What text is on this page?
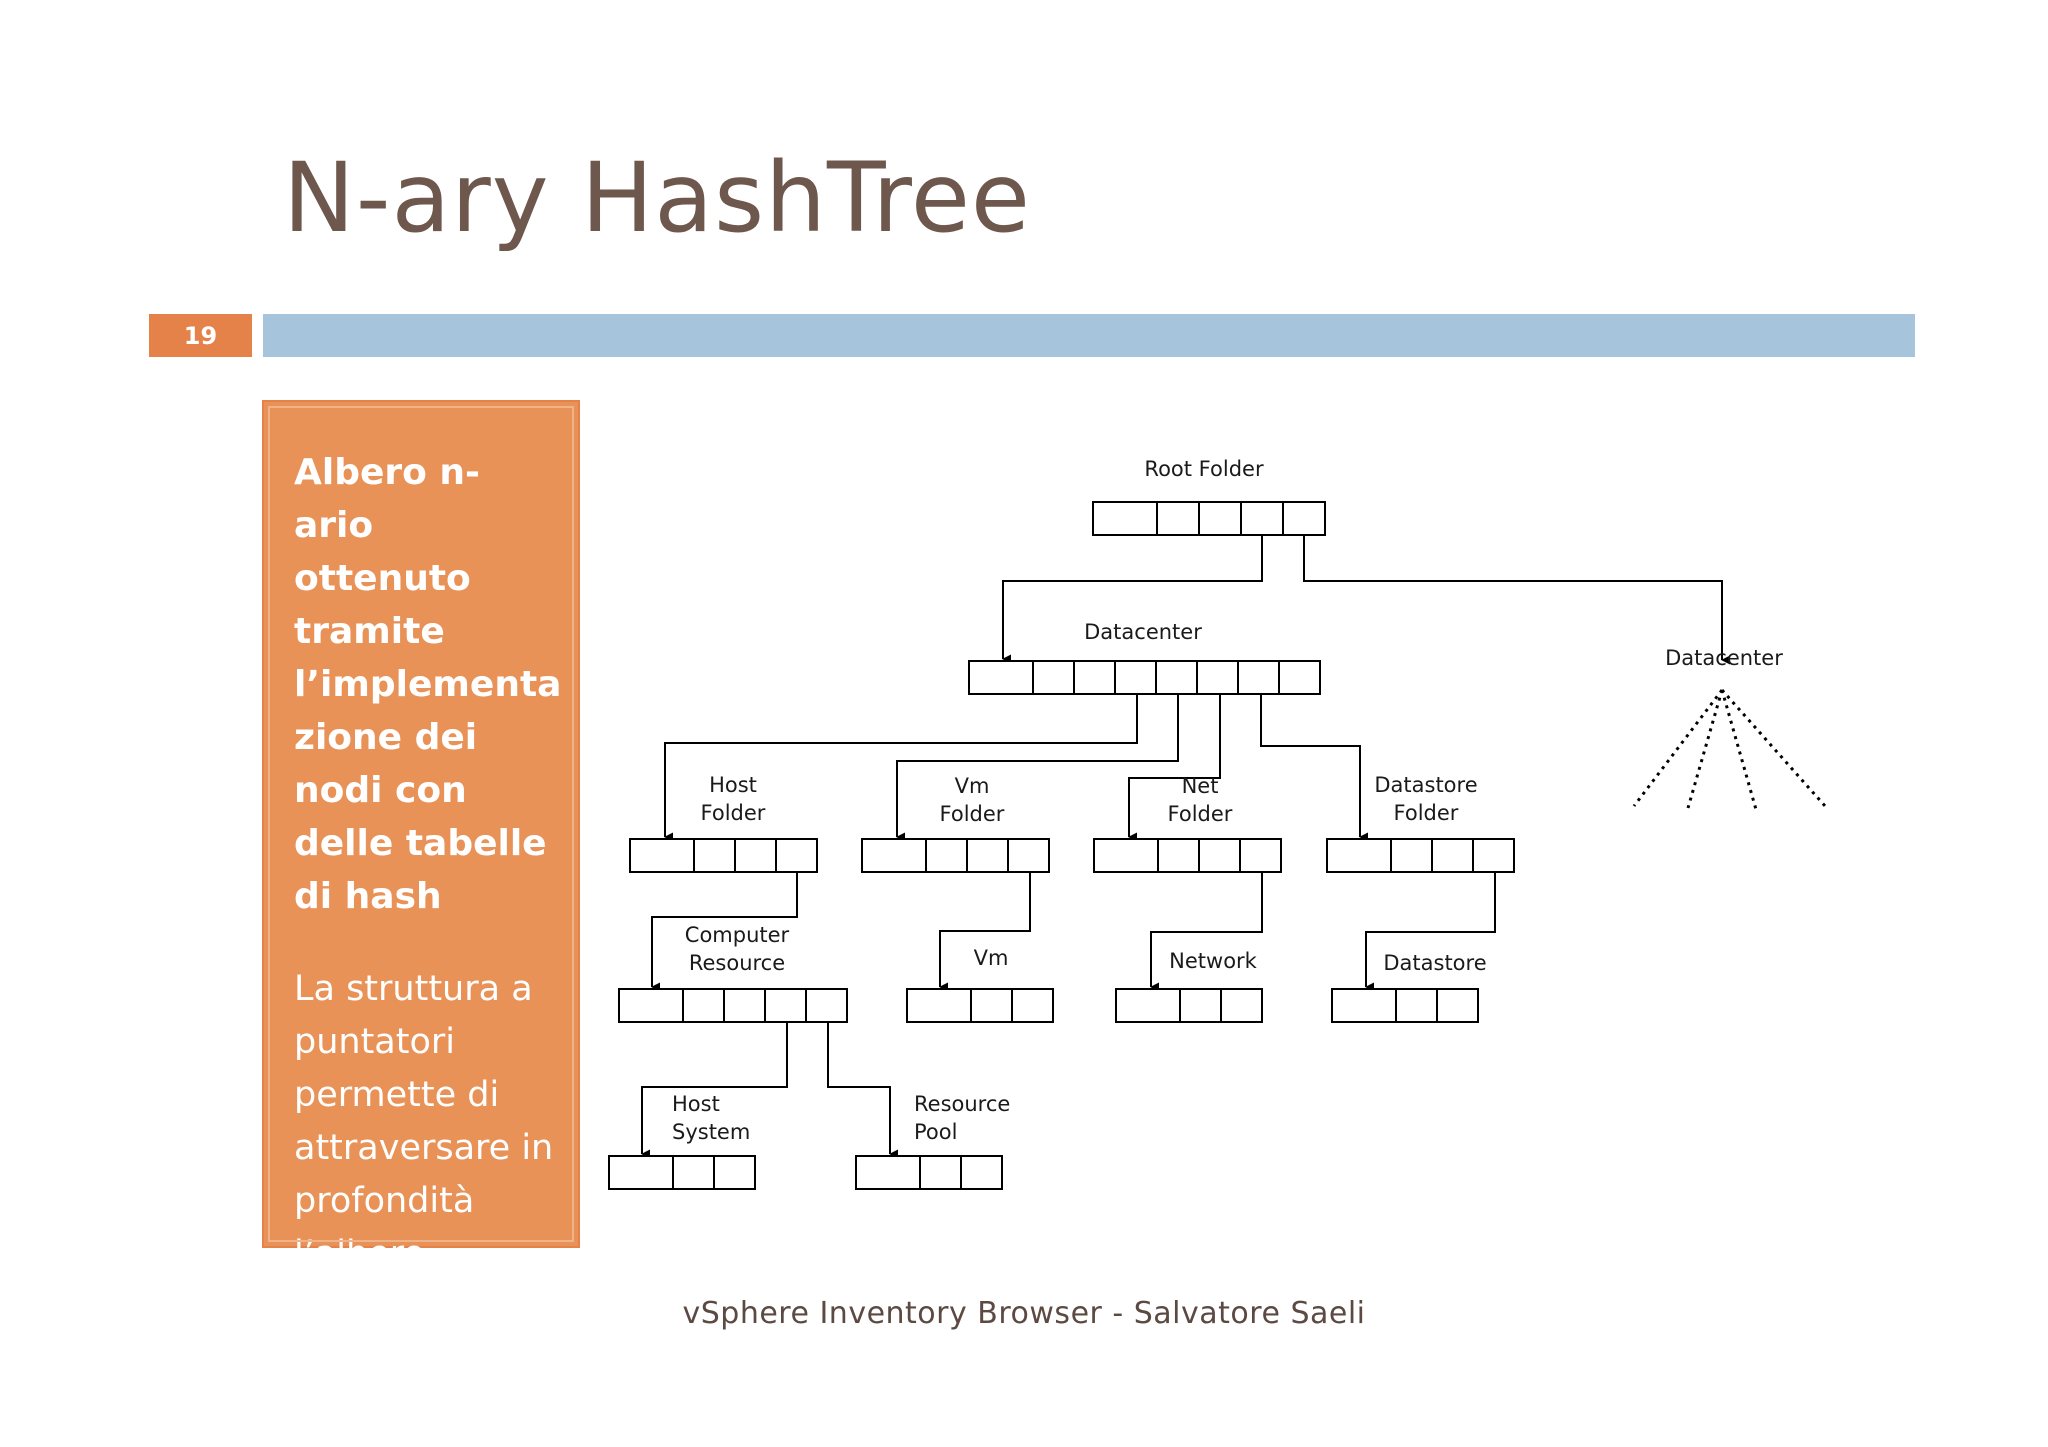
N-ary HashTree
19

Albero n-ario ottenuto tramite l’implementa zione dei nodi con delle tabelle di hash

La struttura a puntatori permette di attraversare in profondità l’albero

Root Folder
Datacenter
Datacenter
Host
Folder
Vm
Folder
Net
Folder
Datastore
Folder
Computer
Resource	Vm	Network	Datastore
Host
System
Resource
Pool
vSphere Inventory Browser - Salvatore Saeli
